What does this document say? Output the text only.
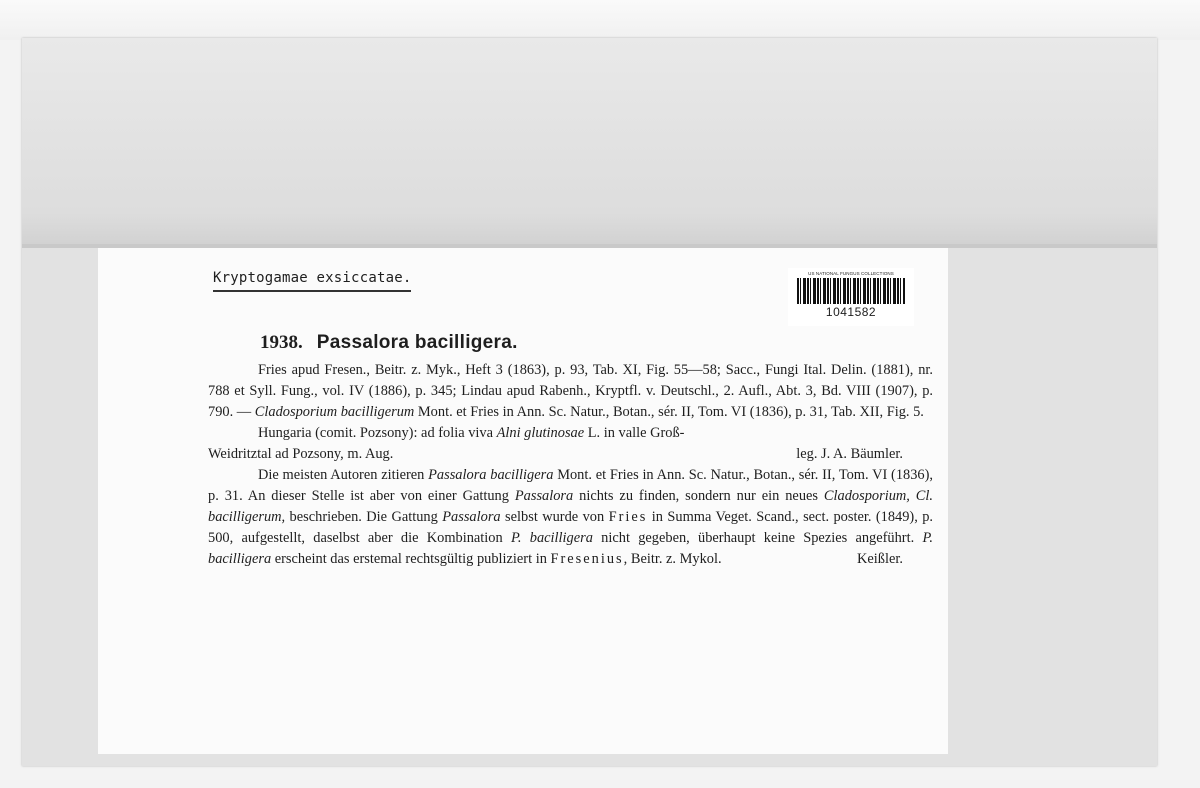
Kryptogamae exsiccatae.	US NATIONAL FUNGUS COLLECTIONS
1041582
1938. Passalora bacilligera.

Fries apud Fresen., Beitr. z. Myk., Heft 3 (1863), p. 93, Tab. XI, Fig. 55—58; Sacc., Fungi Ital. Delin. (1881), nr. 788 et Syll. Fung., vol. IV (1886), p. 345; Lindau apud Rabenh., Kryptfl. v. Deutschl., 2. Aufl., Abt. 3, Bd. VIII (1907), p. 790. — Cladosporium bacilligerum Mont. et Fries in Ann. Sc. Natur., Botan., sér. II, Tom. VI (1836), p. 31, Tab. XII, Fig. 5.

Hungaria (comit. Pozsony): ad folia viva Alni glutinosae L. in valle Groß-

Weidritztal ad Pozsony, m. Aug.	leg. J. A. Bäumler.

Die meisten Autoren zitieren Passalora bacilligera Mont. et Fries in Ann. Sc. Natur., Botan., sér. II, Tom. VI (1836), p. 31. An dieser Stelle ist aber von einer Gattung Passalora nichts zu finden, sondern nur ein neues Cladosporium, Cl. bacilligerum, beschrieben. Die Gattung Passalora selbst wurde von Fries in Summa Veget. Scand., sect. poster. (1849), p. 500, aufgestellt, daselbst aber die Kombination P. bacilligera nicht gegeben, überhaupt keine Spezies angeführt. P. bacilligera erscheint das erstemal rechtsgültig publiziert in Fresenius, Beitr. z. Mykol.	Keißler.
